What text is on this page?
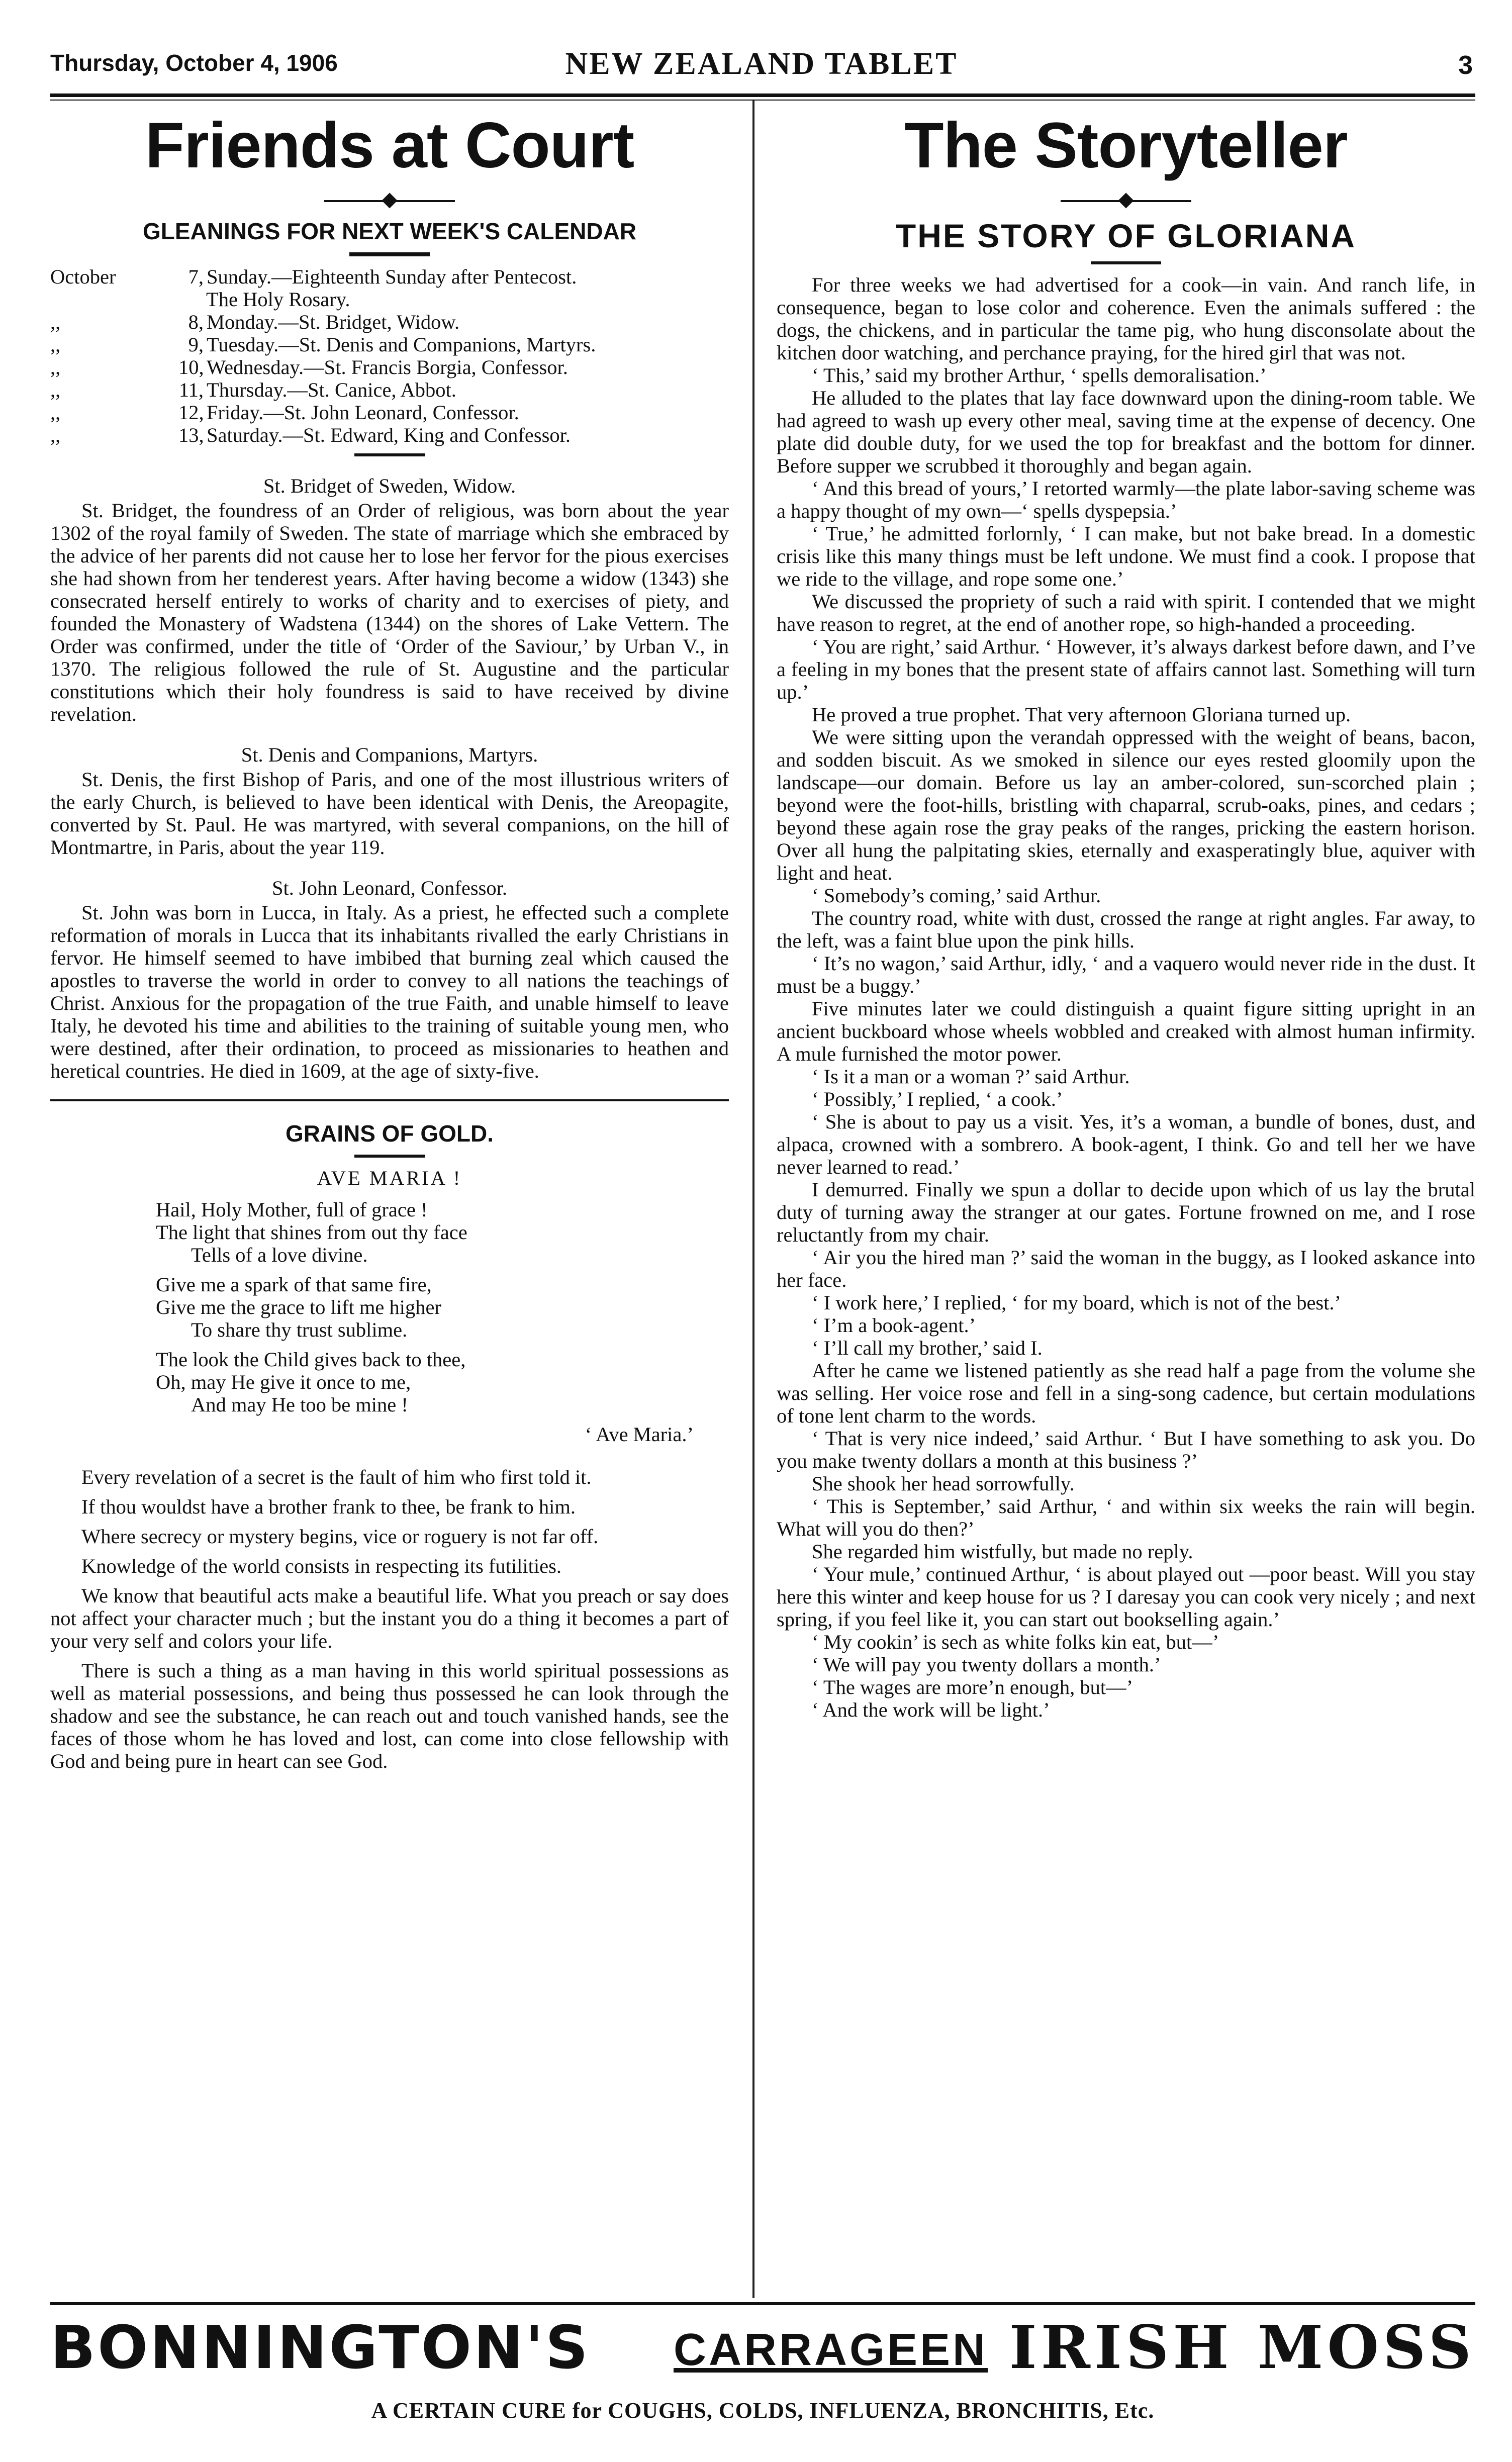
Thursday, October 4, 1906	NEW ZEALAND TABLET	3
Friends at Court
GLEANINGS FOR NEXT WEEK'S CALENDAR
October	7, Sunday.—Eighteenth Sunday after Pentecost.
The Holy Rosary.
,,	8, Monday.—St. Bridget, Widow.
,,	9, Tuesday.—St. Denis and Companions, Martyrs.
,,	10, Wednesday.—St. Francis Borgia, Confessor.
,,	11, Thursday.—St. Canice, Abbot.
,,	12, Friday.—St. John Leonard, Confessor.
,,	13, Saturday.—St. Edward, King and Confessor.
St. Bridget of Sweden, Widow.

St. Bridget, the foundress of an Order of religious, was born about the year 1302 of the royal family of Sweden. The state of marriage which she embraced by the advice of her parents did not cause her to lose her fervor for the pious exercises she had shown from her tenderest years. After having become a widow (1343) she consecrated herself entirely to works of charity and to exercises of piety, and founded the Monastery of Wadstena (1344) on the shores of Lake Vettern. The Order was confirmed, under the title of ‘Order of the Saviour,’ by Urban V., in 1370. The religious followed the rule of St. Augustine and the particular constitutions which their holy foundress is said to have received by divine revelation.

St. Denis and Companions, Martyrs.

St. Denis, the first Bishop of Paris, and one of the most illustrious writers of the early Church, is believed to have been identical with Denis, the Areopagite, converted by St. Paul. He was martyred, with several companions, on the hill of Montmartre, in Paris, about the year 119.

St. John Leonard, Confessor.

St. John was born in Lucca, in Italy. As a priest, he effected such a complete reformation of morals in Lucca that its inhabitants rivalled the early Christians in fervor. He himself seemed to have imbibed that burning zeal which caused the apostles to traverse the world in order to convey to all nations the teachings of Christ. Anxious for the propagation of the true Faith, and unable himself to leave Italy, he devoted his time and abilities to the training of suitable young men, who were destined, after their ordination, to proceed as missionaries to heathen and heretical countries. He died in 1609, at the age of sixty-five.

GRAINS OF GOLD.
AVE MARIA !
Hail, Holy Mother, full of grace !
The light that shines from out thy face
Tells of a love divine.
Give me a spark of that same fire,
Give me the grace to lift me higher
To share thy trust sublime.
The look the Child gives back to thee,
Oh, may He give it once to me,
And may He too be mine !
‘ Ave Maria.’

Every revelation of a secret is the fault of him who first told it.

If thou wouldst have a brother frank to thee, be frank to him.

Where secrecy or mystery begins, vice or roguery is not far off.

Knowledge of the world consists in respecting its futilities.

We know that beautiful acts make a beautiful life. What you preach or say does not affect your character much ; but the instant you do a thing it becomes a part of your very self and colors your life.

There is such a thing as a man having in this world spiritual possessions as well as material possessions, and being thus possessed he can look through the shadow and see the substance, he can reach out and touch vanished hands, see the faces of those whom he has loved and lost, can come into close fellowship with God and being pure in heart can see God.

The Storyteller
THE STORY OF GLORIANA

For three weeks we had advertised for a cook—in vain. And ranch life, in consequence, began to lose color and coherence. Even the animals suffered : the dogs, the chickens, and in particular the tame pig, who hung disconsolate about the kitchen door watching, and perchance praying, for the hired girl that was not.

‘ This,’ said my brother Arthur, ‘ spells demoralisation.’

He alluded to the plates that lay face downward upon the dining-room table. We had agreed to wash up every other meal, saving time at the expense of decency. One plate did double duty, for we used the top for breakfast and the bottom for dinner. Before supper we scrubbed it thoroughly and began again.

‘ And this bread of yours,’ I retorted warmly—the plate labor-saving scheme was a happy thought of my own—‘ spells dyspepsia.’

‘ True,’ he admitted forlornly, ‘ I can make, but not bake bread. In a domestic crisis like this many things must be left undone. We must find a cook. I propose that we ride to the village, and rope some one.’

We discussed the propriety of such a raid with spirit. I contended that we might have reason to regret, at the end of another rope, so high-handed a proceeding.

‘ You are right,’ said Arthur. ‘ However, it’s always darkest before dawn, and I’ve a feeling in my bones that the present state of affairs cannot last. Something will turn up.’

He proved a true prophet. That very afternoon Gloriana turned up.

We were sitting upon the verandah oppressed with the weight of beans, bacon, and sodden biscuit. As we smoked in silence our eyes rested gloomily upon the landscape—our domain. Before us lay an amber-colored, sun-scorched plain ; beyond were the foot-hills, bristling with chaparral, scrub-oaks, pines, and cedars ; beyond these again rose the gray peaks of the ranges, pricking the eastern horison. Over all hung the palpitating skies, eternally and exasperatingly blue, aquiver with light and heat.

‘ Somebody’s coming,’ said Arthur.

The country road, white with dust, crossed the range at right angles. Far away, to the left, was a faint blue upon the pink hills.

‘ It’s no wagon,’ said Arthur, idly, ‘ and a vaquero would never ride in the dust. It must be a buggy.’

Five minutes later we could distinguish a quaint figure sitting upright in an ancient buckboard whose wheels wobbled and creaked with almost human infirmity. A mule furnished the motor power.

‘ Is it a man or a woman ?’ said Arthur.

‘ Possibly,’ I replied, ‘ a cook.’

‘ She is about to pay us a visit. Yes, it’s a woman, a bundle of bones, dust, and alpaca, crowned with a sombrero. A book-agent, I think. Go and tell her we have never learned to read.’

I demurred. Finally we spun a dollar to decide upon which of us lay the brutal duty of turning away the stranger at our gates. Fortune frowned on me, and I rose reluctantly from my chair.

‘ Air you the hired man ?’ said the woman in the buggy, as I looked askance into her face.

‘ I work here,’ I replied, ‘ for my board, which is not of the best.’

‘ I’m a book-agent.’

‘ I’ll call my brother,’ said I.

After he came we listened patiently as she read half a page from the volume she was selling. Her voice rose and fell in a sing-song cadence, but certain modulations of tone lent charm to the words.

‘ That is very nice indeed,’ said Arthur. ‘ But I have something to ask you. Do you make twenty dollars a month at this business ?’

She shook her head sorrowfully.

‘ This is September,’ said Arthur, ‘ and within six weeks the rain will begin. What will you do then?’

She regarded him wistfully, but made no reply.

‘ Your mule,’ continued Arthur, ‘ is about played out —poor beast. Will you stay here this winter and keep house for us ? I daresay you can cook very nicely ; and next spring, if you feel like it, you can start out bookselling again.’

‘ My cookin’ is sech as white folks kin eat, but—’

‘ We will pay you twenty dollars a month.’

‘ The wages are more’n enough, but—’

‘ And the work will be light.’

BONNINGTON'S CARRAGEEN IRISH MOSS
A CERTAIN CURE for COUGHS, COLDS, INFLUENZA, BRONCHITIS, Etc.
